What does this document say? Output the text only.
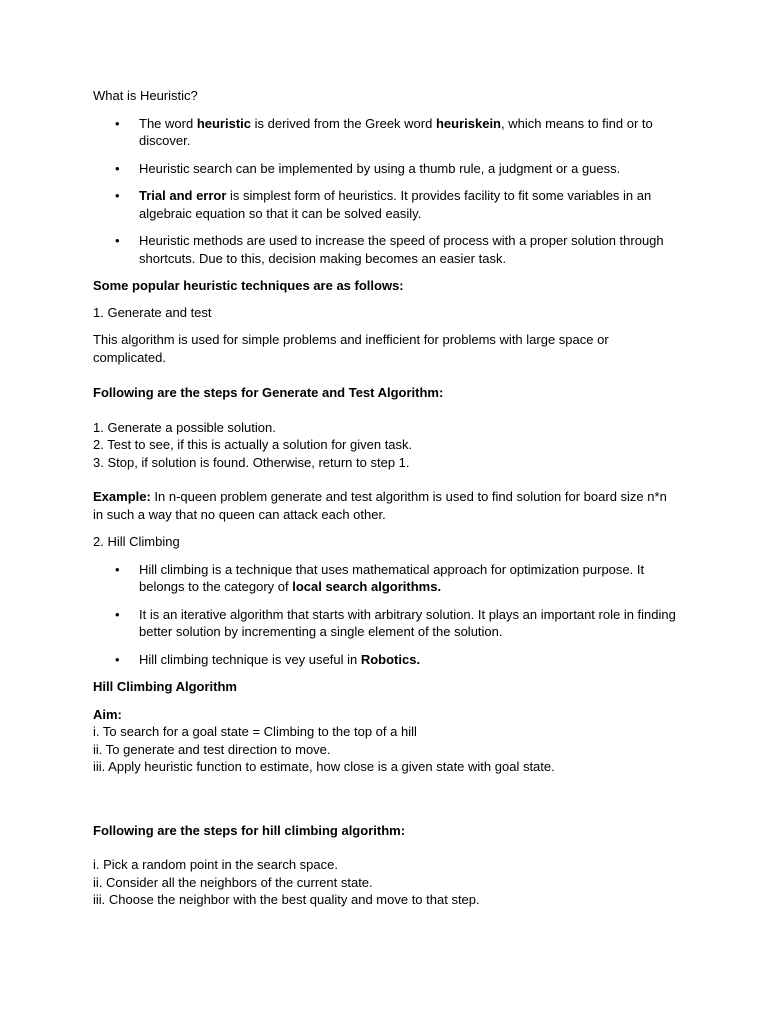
What is Heuristic?

• The word heuristic is derived from the Greek word heuriskein, which means to find or to discover.
• Heuristic search can be implemented by using a thumb rule, a judgment or a guess.
• Trial and error is simplest form of heuristics. It provides facility to fit some variables in an algebraic equation so that it can be solved easily.
• Heuristic methods are used to increase the speed of process with a proper solution through shortcuts. Due to this, decision making becomes an easier task.

Some popular heuristic techniques are as follows:

1. Generate and test

This algorithm is used for simple problems and inefficient for problems with large space or complicated.

Following are the steps for Generate and Test Algorithm:

1. Generate a possible solution.
2. Test to see, if this is actually a solution for given task.
3. Stop, if solution is found. Otherwise, return to step 1.

Example: In n-queen problem generate and test algorithm is used to find solution for board size n*n in such a way that no queen can attack each other.

2. Hill Climbing

• Hill climbing is a technique that uses mathematical approach for optimization purpose. It belongs to the category of local search algorithms.
• It is an iterative algorithm that starts with arbitrary solution. It plays an important role in finding better solution by incrementing a single element of the solution.
• Hill climbing technique is vey useful in Robotics.

Hill Climbing Algorithm

Aim:
i. To search for a goal state = Climbing to the top of a hill
ii. To generate and test direction to move.
iii. Apply heuristic function to estimate, how close is a given state with goal state.

Following are the steps for hill climbing algorithm:

i. Pick a random point in the search space.
ii. Consider all the neighbors of the current state.
iii. Choose the neighbor with the best quality and move to that step.
